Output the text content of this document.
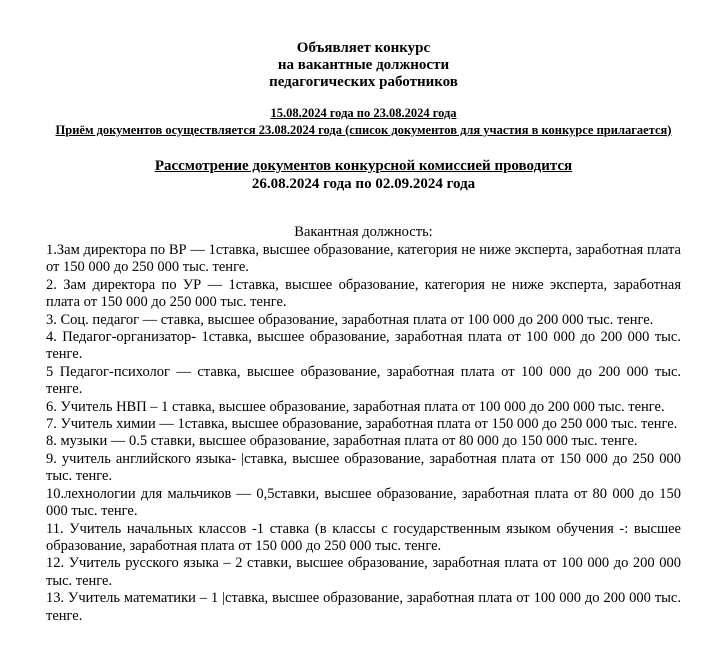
Объявляет конкурс

на вакантные должности

педагогических работников

15.08.2024 года по 23.08.2024 года

Приём документов осуществляется 23.08.2024 года (список документов для участия в конкурсе прилагается)

Рассмотрение документов конкурсной комиссией проводится

26.08.2024 года по 02.09.2024 года

Вакантная должность:

1.Зам директора по ВР — 1ставка, высшее образование, категория не ниже эксперта, заработная плата от 150 000 до 250 000 тыс. тенге.

2. Зам директора по УР — 1ставка, высшее образование, категория не ниже эксперта, заработная плата от 150 000 до 250 000 тыс. тенге.

3. Соц. педагог — ставка, высшее образование, заработная плата от 100 000 до 200 000 тыс. тенге.

4. Педагог-организатор- 1ставка, высшее образование, заработная плата от 100 000 до 200 000 тыс. тенге.

5 Педагог-психолог — ставка, высшее образование, заработная плата от 100 000 до 200 000 тыс. тенге.

6. Учитель НВП – 1 ставка, высшее образование, заработная плата от 100 000 до 200 000 тыс. тенге.

7. Учитель химии — 1ставка, высшее образование, заработная плата от 150 000 до 250 000 тыс. тенге.

8. музыки — 0.5 ставки, высшее образование, заработная плата от 80 000 до 150 000 тыс. тенге.

9. учитель английского языка- |ставка, высшее образование, заработная плата от 150 000 до 250 000 тыс. тенге.

10.лехнологии для мальчиков — 0,5ставки, высшее образование, заработная плата от 80 000 до 150 000 тыс. тенге.

11. Учитель начальных классов -1 ставка (в классы с государственным языком обучения -: высшее образование, заработная плата от 150 000 до 250 000 тыс. тенге.

12. Учитель русского языка – 2 ставки, высшее образование, заработная плата от 100 000 до 200 000 тыс. тенге.

13. Учитель математики – 1 |ставка, высшее образование, заработная плата от 100 000 до 200 000 тыс. тенге.
